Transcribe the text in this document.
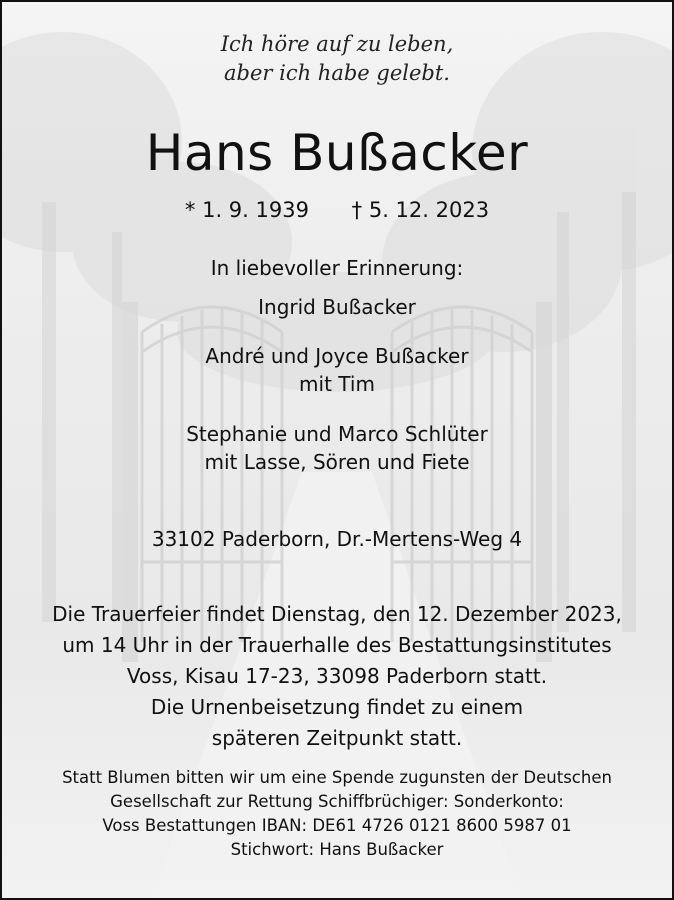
Ich höre auf zu leben,
aber ich habe gelebt.
Hans Bußacker
* 1. 9. 1939 † 5. 12. 2023
In liebevoller Erinnerung:
Ingrid Bußacker
André und Joyce Bußacker
mit Tim
Stephanie und Marco Schlüter
mit Lasse, Sören und Fiete
33102 Paderborn, Dr.-Mertens-Weg 4
Die Trauerfeier findet Dienstag, den 12. Dezember 2023,
um 14 Uhr in der Trauerhalle des Bestattungsinstitutes
Voss, Kisau 17-23, 33098 Paderborn statt.
Die Urnenbeisetzung findet zu einem
späteren Zeitpunkt statt.
Statt Blumen bitten wir um eine Spende zugunsten der Deutschen
Gesellschaft zur Rettung Schiffbrüchiger: Sonderkonto:
Voss Bestattungen IBAN: DE61 4726 0121 8600 5987 01
Stichwort: Hans Bußacker
